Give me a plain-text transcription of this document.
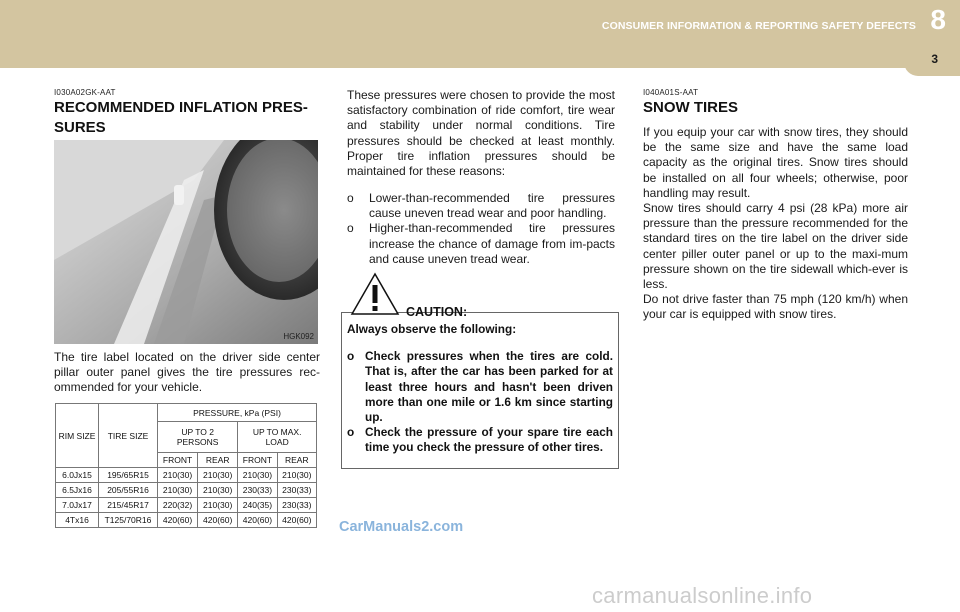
CONSUMER INFORMATION & REPORTING SAFETY DEFECTS 8
3
I030A02GK-AAT
RECOMMENDED INFLATION PRES-SURES
HGK092
The tire label located on the driver side center pillar outer panel gives the tire pressures rec-ommended for your vehicle.
RIM SIZE	TIRE SIZE	PRESSURE, kPa (PSI)			
		UP TO 2 PERSONS		UP TO MAX. LOAD	
		FRONT	REAR	FRONT	REAR
6.0Jx15	195/65R15	210(30)	210(30)	210(30)	210(30)
6.5Jx16	205/55R16	210(30)	210(30)	230(33)	230(33)
7.0Jx17	215/45R17	220(32)	210(30)	240(35)	230(33)
4Tx16	T125/70R16	420(60)	420(60)	420(60)	420(60)
These pressures were chosen to provide the most satisfactory combination of ride comfort, tire wear and stability under normal conditions. Tire pressures should be checked at least monthly. Proper tire inflation pressures should be maintained for these reasons:
o Lower-than-recommended tire pressures cause uneven tread wear and poor handling.
o Higher-than-recommended tire pressures increase the chance of damage from im-pacts and cause uneven tread wear.
CAUTION:
Always observe the following:
o Check pressures when the tires are cold. That is, after the car has been parked for at least three hours and hasn't been driven more than one mile or 1.6 km since starting up.
o Check the pressure of your spare tire each time you check the pressure of other tires.
I040A01S-AAT
SNOW TIRES

If you equip your car with snow tires, they should be the same size and have the same load capacity as the original tires. Snow tires should be installed on all four wheels; otherwise, poor handling may result.

Snow tires should carry 4 psi (28 kPa) more air pressure than the pressure recommended for the standard tires on the tire label on the driver side center piller outer panel or up to the maxi-mum pressure shown on the tire sidewall which-ever is less.

Do not drive faster than 75 mph (120 km/h) when your car is equipped with snow tires.

CarManuals2.com
carmanualsonline.info
